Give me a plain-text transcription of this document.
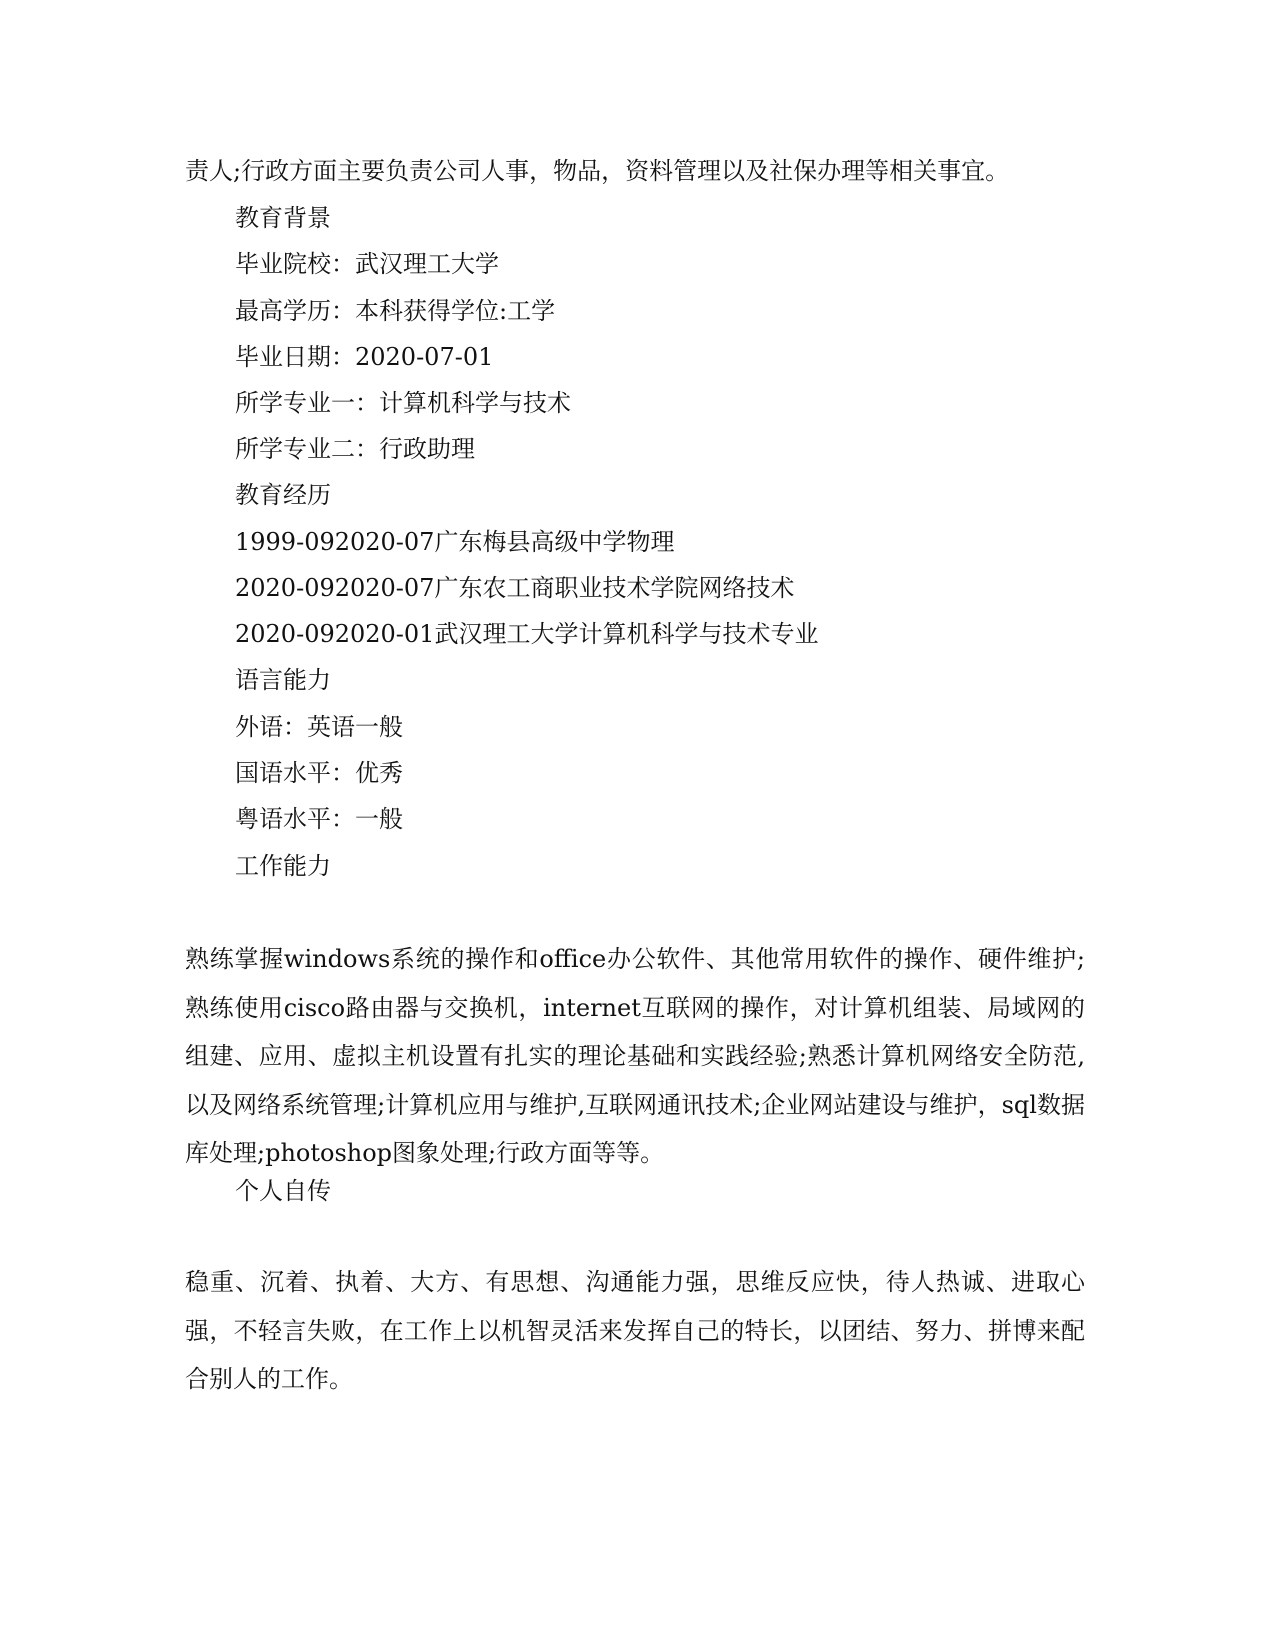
责人;行政方面主要负责公司人事，物品，资料管理以及社保办理等相关事宜。
教育背景
毕业院校：武汉理工大学
最高学历：本科获得学位:工学
毕业日期：2020-07-01
所学专业一：计算机科学与技术
所学专业二：行政助理
教育经历
1999-092020-07广东梅县高级中学物理
2020-092020-07广东农工商职业技术学院网络技术
2020-092020-01武汉理工大学计算机科学与技术专业
语言能力
外语：英语一般
国语水平：优秀
粤语水平：一般
工作能力
熟练掌握windows系统的操作和office办公软件、其他常用软件的操作、硬件维护;熟练使用cisco路由器与交换机，internet互联网的操作，对计算机组装、局域网的组建、应用、虚拟主机设置有扎实的理论基础和实践经验;熟悉计算机网络安全防范,以及网络系统管理;计算机应用与维护,互联网通讯技术;企业网站建设与维护，sql数据库处理;photoshop图象处理;行政方面等等。
个人自传
稳重、沉着、执着、大方、有思想、沟通能力强，思维反应快，待人热诚、进取心强，不轻言失败，在工作上以机智灵活来发挥自己的特长，以团结、努力、拼博来配合别人的工作。
